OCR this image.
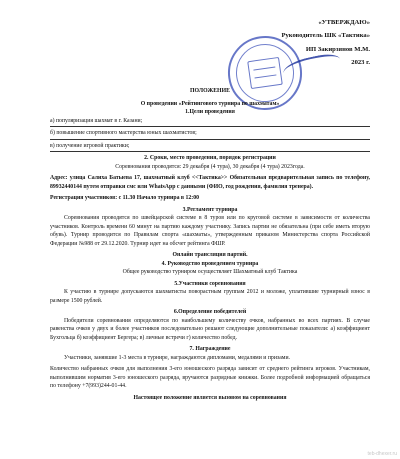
«УТВЕРЖДАЮ»
Руководитель ШК «Тактика»
ИП Закирзянов М.М.
2023 г.
ПОЛОЖЕНИЕ
О проведении «Рейтингового турнира по шахматам»
1.Цели проведения
а) популяризация шахмат в г. Казани;
б) повышение спортивного мастерства юных шахматистов;
в) получение игровой практики;
2. Сроки, место проведения, порядок регистрации

Соревнования проводятся: 29 декабря (4 тура), 30 декабря (4 тура) 2023года.

Адрес: улица Салиха Батыева 17, шахматный клуб <<Тактика>> Обязательная предварительная запись по телефону, 89932440144 путем отправки смс или WhatsApp с данными (ФИО, год рождения, фамилия тренера).

Регистрация участников: с 11.30 Начало турнира в 12:00

3.Регламент турнира

Соревнования проводятся по швейцарской системе в 8 туров или по круговой системе в зависимости от количества участников. Контроль времени 60 минут на партию каждому участнику. Запись партии не обязательна (при себе иметь вторую обувь). Турнир проводится по Правилам спорта «шахматы», утвержденным приказом Министерства спорта Российской Федерации №988 от 29.12.2020. Турнир идет на обсчет рейтинга ФШР.

Онлайн трансляция партий.
4. Руководство проведением турнира

Общее руководство турниром осуществляет Шахматный клуб Тактика

5.Участники соревнования

К участию в турнире допускаются шахматисты поворастным группам 2012 и моложе, уплатившие турнирный взнос в размере 1500 рублей.

6.Определение победителей

Победители соревнования определяются по наибольшему количеству очков, набранных во всех партиях. В случае равенства очков у двух и более участников последовательно решают следующие дополнительные показатели: а) коэффициент Бухгольца б) коэффициент Бергера; в) личные встречи г) количество побед.

7. Награждение

Участники, занявшие 1-3 места в турнире, награждаются дипломами, медалями и призами.

Количество набранных очков для выполнения 3-его юношеского разряда зависит от среднего рейтинга игроков. Участникам, выполнившим норматив 3-его юношеского разряда, вручаются разрядные книжки. Более подробной информацией обращаться по телефону +7(993)244-01-44.

Настоящее положение является вызовом на соревнования
teb-dhexer.ru
